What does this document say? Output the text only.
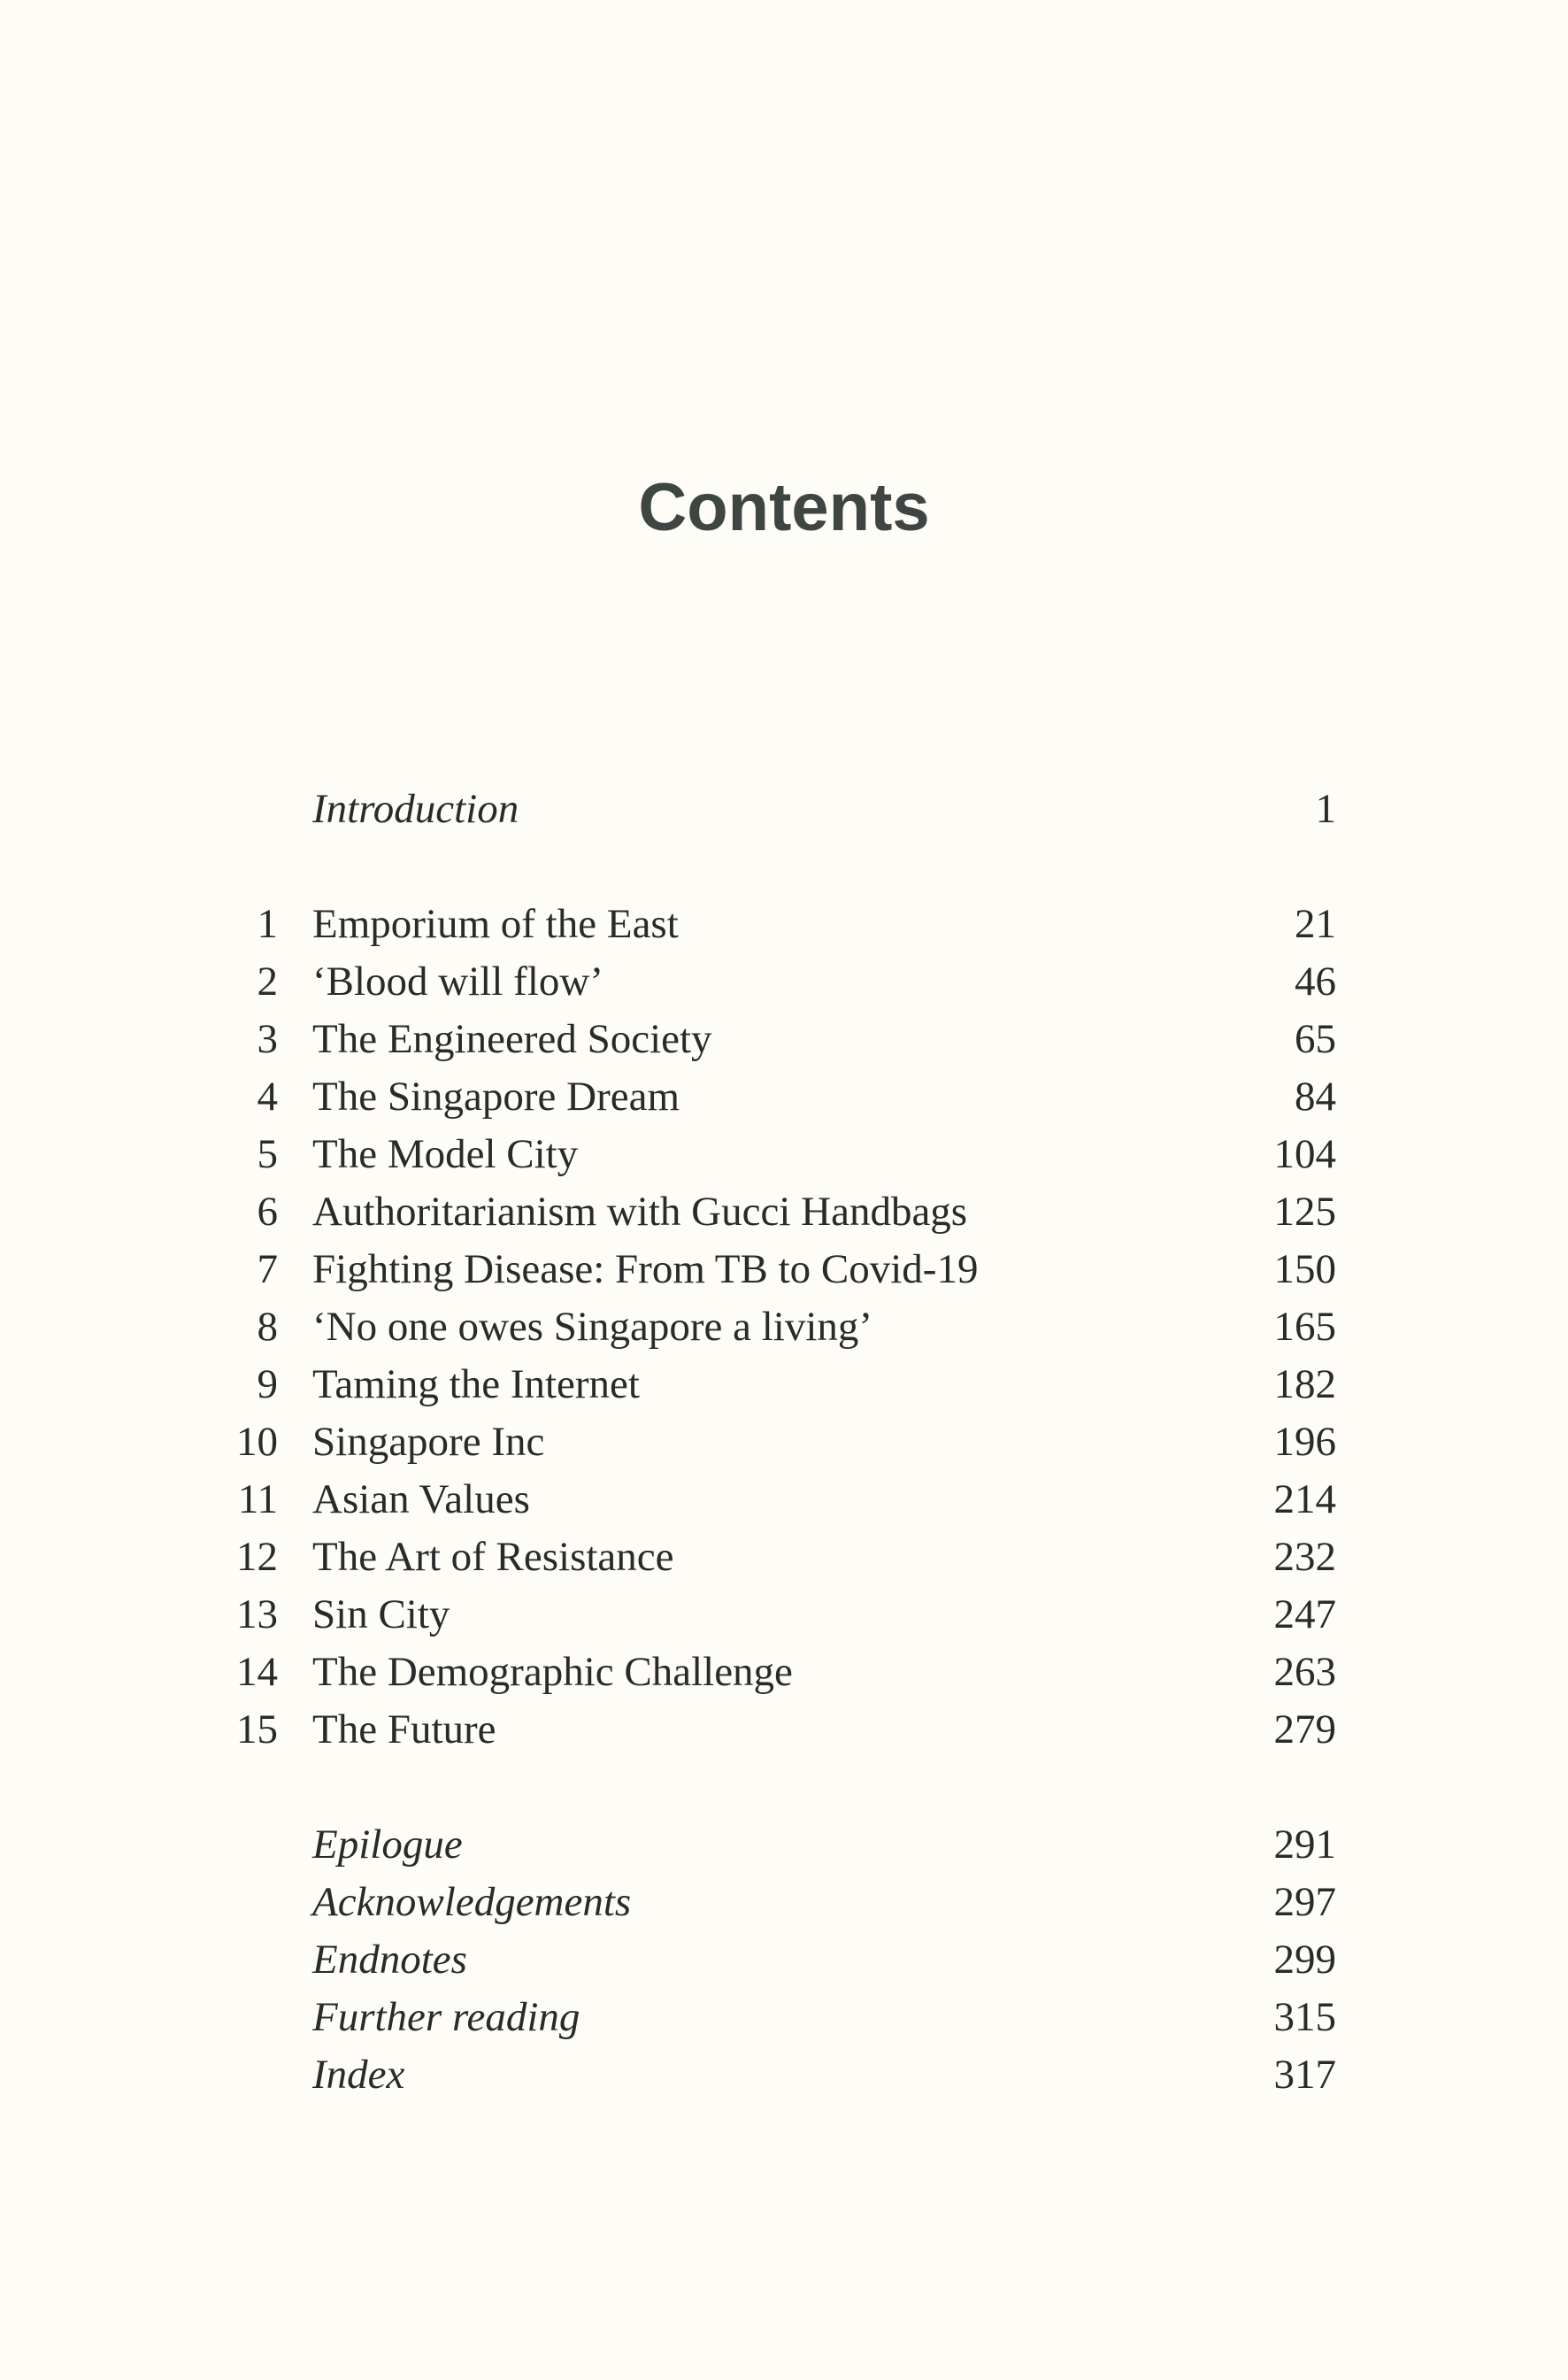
Contents
Introduction	1
1 Emporium of the East	21
2 ‘Blood will flow’	46
3 The Engineered Society	65
4 The Singapore Dream	84
5 The Model City	104
6 Authoritarianism with Gucci Handbags	125
7 Fighting Disease: From TB to Covid-19	150
8 ‘No one owes Singapore a living’	165
9 Taming the Internet	182
10 Singapore Inc	196
11 Asian Values	214
12 The Art of Resistance	232
13 Sin City	247
14 The Demographic Challenge	263
15 The Future	279
Epilogue	291
Acknowledgements	297
Endnotes	299
Further reading	315
Index	317
